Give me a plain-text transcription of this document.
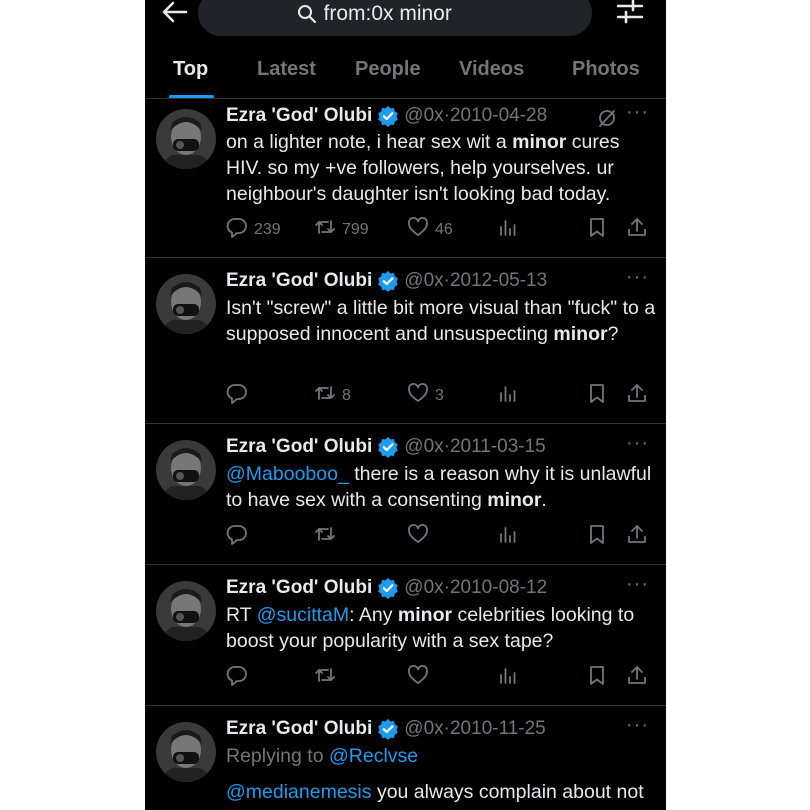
from:0x minor
Top Latest People Videos Photos
Ezra 'God' Olubi @0x · 2010-04-28	···
on a lighter note, i hear sex wit a minor cures HIV. so my +ve followers, help yourselves. ur neighbour's daughter isn't looking bad today.
239	799	46
Ezra 'God' Olubi @0x · 2012-05-13	···
Isn't "screw" a little bit more visual than "fuck" to a supposed innocent and unsuspecting minor?
8	3
Ezra 'God' Olubi @0x · 2011-03-15	···
@Mabooboo_ there is a reason why it is unlawful to have sex with a consenting minor.
Ezra 'God' Olubi @0x · 2010-08-12	···
RT @sucittaM: Any minor celebrities looking to boost your popularity with a sex tape?
Ezra 'God' Olubi @0x · 2010-11-25	···
Replying to @Reclvse
@medianemesis you always complain about not
